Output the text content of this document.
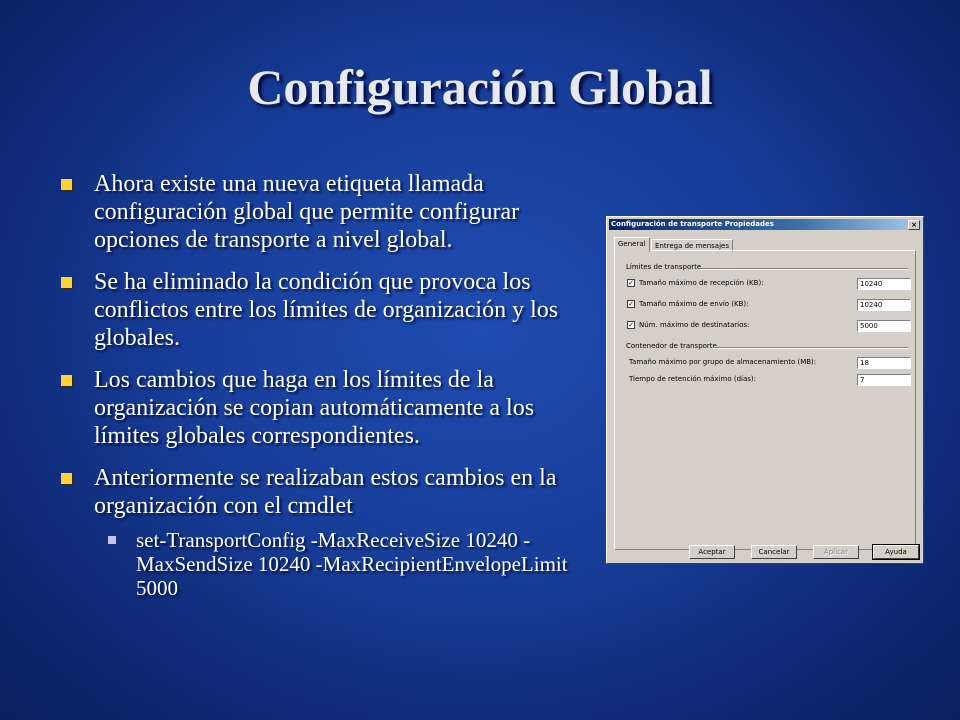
Configuración Global
Ahora existe una nueva etiqueta llamada configuración global que permite configurar opciones de transporte a nivel global.
Se ha eliminado la condición que provoca los conflictos entre los límites de organización y los globales.
Los cambios que haga en los límites de la organización se copian automáticamente a los límites globales correspondientes.
Anteriormente se realizaban estos cambios en la organización con el cmdlet
set-TransportConfig -MaxReceiveSize 10240 -MaxSendSize 10240 -MaxRecipientEnvelopeLimit 5000
Configuración de transporte Propiedades	×
General	Entrega de mensajes
Límites de transporte
✓ Tamaño máximo de recepción (KB):	10240
✓ Tamaño máximo de envío (KB):	10240
✓ Núm. máximo de destinatarios:	5000
Contenedor de transporte
Tamaño máximo por grupo de almacenamiento (MB):	18
Tiempo de retención máximo (días):	7
Aceptar	Cancelar	Aplicar	Ayuda
